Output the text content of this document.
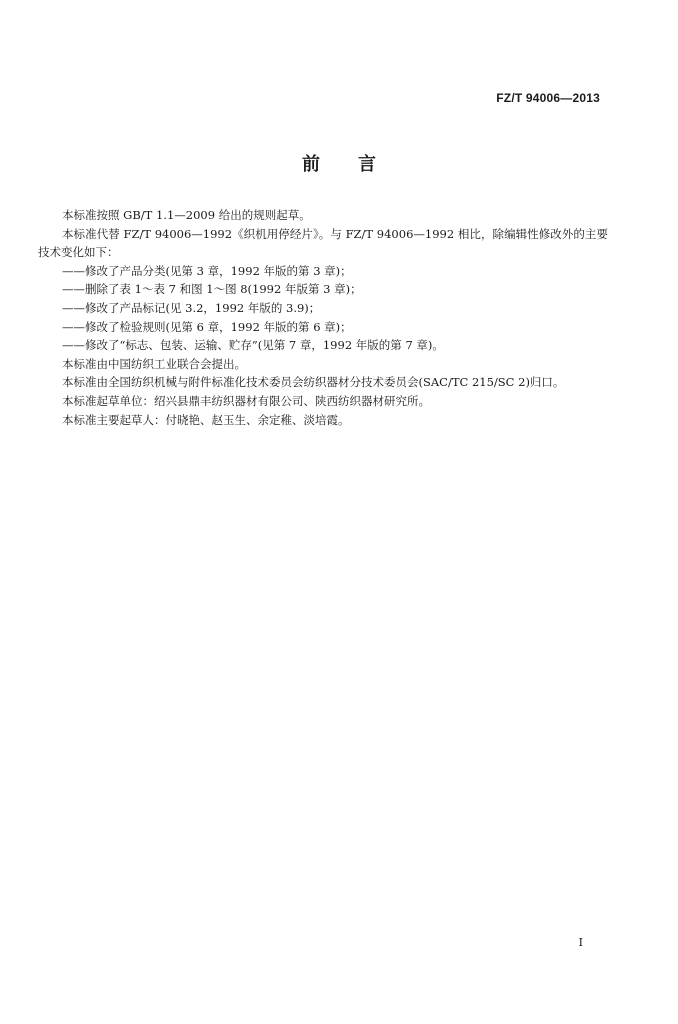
FZ/T 94006—2013
前言

本标准按照 GB/T 1.1—2009 给出的规则起草。

本标准代替 FZ/T 94006—1992《织机用停经片》。与 FZ/T 94006—1992 相比，除编辑性修改外的主要技术变化如下：

——修改了产品分类(见第 3 章，1992 年版的第 3 章)；

——删除了表 1～表 7 和图 1～图 8(1992 年版第 3 章)；

——修改了产品标记(见 3.2，1992 年版的 3.9)；

——修改了检验规则(见第 6 章，1992 年版的第 6 章)；

——修改了“标志、包装、运输、贮存”(见第 7 章，1992 年版的第 7 章)。

本标准由中国纺织工业联合会提出。

本标准由全国纺织机械与附件标准化技术委员会纺织器材分技术委员会(SAC/TC 215/SC 2)归口。

本标准起草单位：绍兴县鼎丰纺织器材有限公司、陕西纺织器材研究所。

本标准主要起草人：付晓艳、赵玉生、余定稚、淡培霞。

I
